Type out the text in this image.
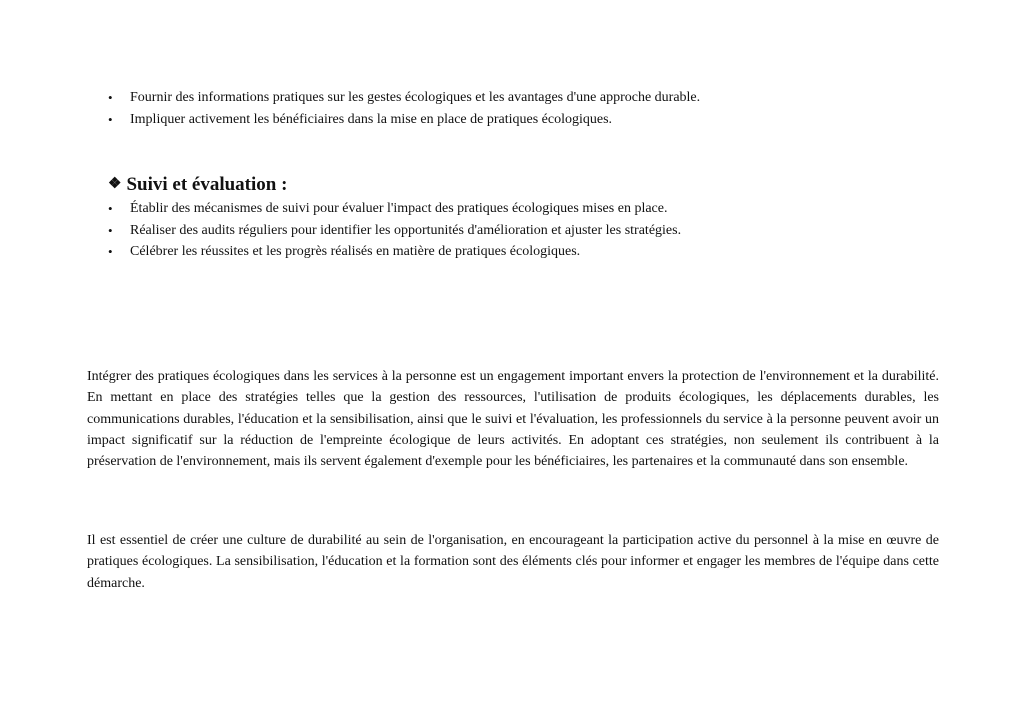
• Fournir des informations pratiques sur les gestes écologiques et les avantages d'une approche durable.
• Impliquer activement les bénéficiaires dans la mise en place de pratiques écologiques.
❖ Suivi et évaluation :
• Établir des mécanismes de suivi pour évaluer l'impact des pratiques écologiques mises en place.
• Réaliser des audits réguliers pour identifier les opportunités d'amélioration et ajuster les stratégies.
• Célébrer les réussites et les progrès réalisés en matière de pratiques écologiques.

Intégrer des pratiques écologiques dans les services à la personne est un engagement important envers la protection de l'environnement et la durabilité. En mettant en place des stratégies telles que la gestion des ressources, l'utilisation de produits écologiques, les déplacements durables, les communications durables, l'éducation et la sensibilisation, ainsi que le suivi et l'évaluation, les professionnels du service à la personne peuvent avoir un impact significatif sur la réduction de l'empreinte écologique de leurs activités. En adoptant ces stratégies, non seulement ils contribuent à la préservation de l'environnement, mais ils servent également d'exemple pour les bénéficiaires, les partenaires et la communauté dans son ensemble.

Il est essentiel de créer une culture de durabilité au sein de l'organisation, en encourageant la participation active du personnel à la mise en œuvre de pratiques écologiques. La sensibilisation, l'éducation et la formation sont des éléments clés pour informer et engager les membres de l'équipe dans cette démarche.
